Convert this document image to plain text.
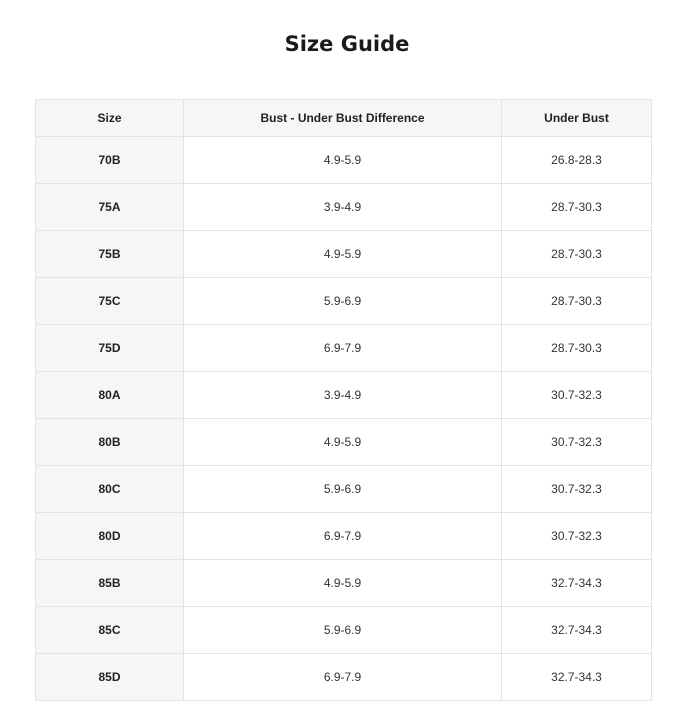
Size Guide
Size	Bust - Under Bust Difference	Under Bust
70B	4.9-5.9	26.8-28.3
75A	3.9-4.9	28.7-30.3
75B	4.9-5.9	28.7-30.3
75C	5.9-6.9	28.7-30.3
75D	6.9-7.9	28.7-30.3
80A	3.9-4.9	30.7-32.3
80B	4.9-5.9	30.7-32.3
80C	5.9-6.9	30.7-32.3
80D	6.9-7.9	30.7-32.3
85B	4.9-5.9	32.7-34.3
85C	5.9-6.9	32.7-34.3
85D	6.9-7.9	32.7-34.3
